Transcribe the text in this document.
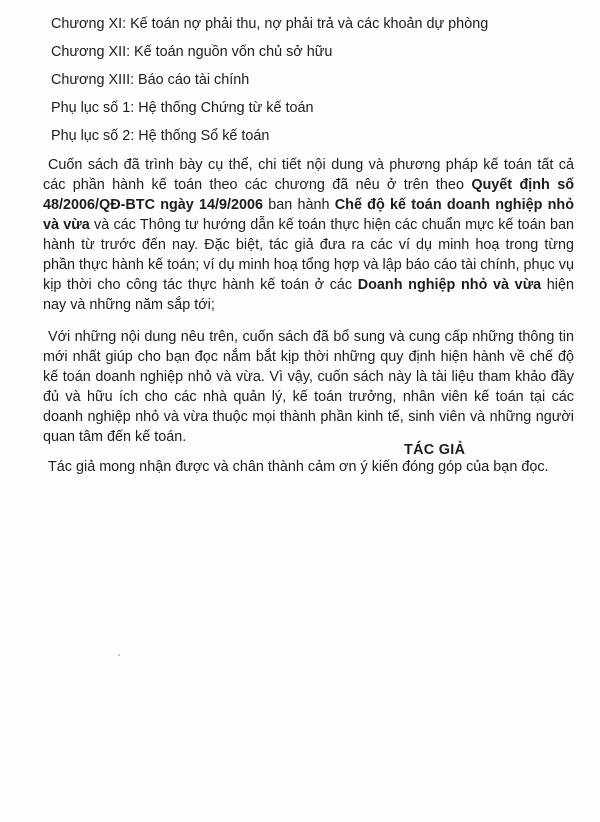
Chương XI: Kế toán nợ phải thu, nợ phải trả và các khoản dự phòng
Chương XII: Kế toán nguồn vốn chủ sở hữu
Chương XIII: Báo cáo tài chính
Phụ lục số 1: Hệ thống Chứng từ kế toán
Phụ lục số 2: Hệ thống Sổ kế toán

Cuốn sách đã trình bày cụ thể, chi tiết nội dung và phương pháp kế toán tất cả các phần hành kế toán theo các chương đã nêu ở trên theo Quyết định số 48/2006/QĐ-BTC ngày 14/9/2006 ban hành Chế độ kế toán doanh nghiệp nhỏ và vừa và các Thông tư hướng dẫn kế toán thực hiện các chuẩn mực kế toán ban hành từ trước đến nay. Đặc biệt, tác giả đưa ra các ví dụ minh hoạ trong từng phần thực hành kế toán; ví dụ minh hoạ tổng hợp và lập báo cáo tài chính, phục vụ kịp thời cho công tác thực hành kế toán ở các Doanh nghiệp nhỏ và vừa hiện nay và những năm sắp tới;

Với những nội dung nêu trên, cuốn sách đã bổ sung và cung cấp những thông tin mới nhất giúp cho bạn đọc nắm bắt kịp thời những quy định hiện hành về chế độ kế toán doanh nghiệp nhỏ và vừa. Vì vậy, cuốn sách này là tài liệu tham khảo đầy đủ và hữu ích cho các nhà quản lý, kế toán trưởng, nhân viên kế toán tại các doanh nghiệp nhỏ và vừa thuộc mọi thành phần kinh tế, sinh viên và những người quan tâm đến kế toán.

Tác giả mong nhận được và chân thành cảm ơn ý kiến đóng góp của bạn đọc.

TÁC GIẢ
